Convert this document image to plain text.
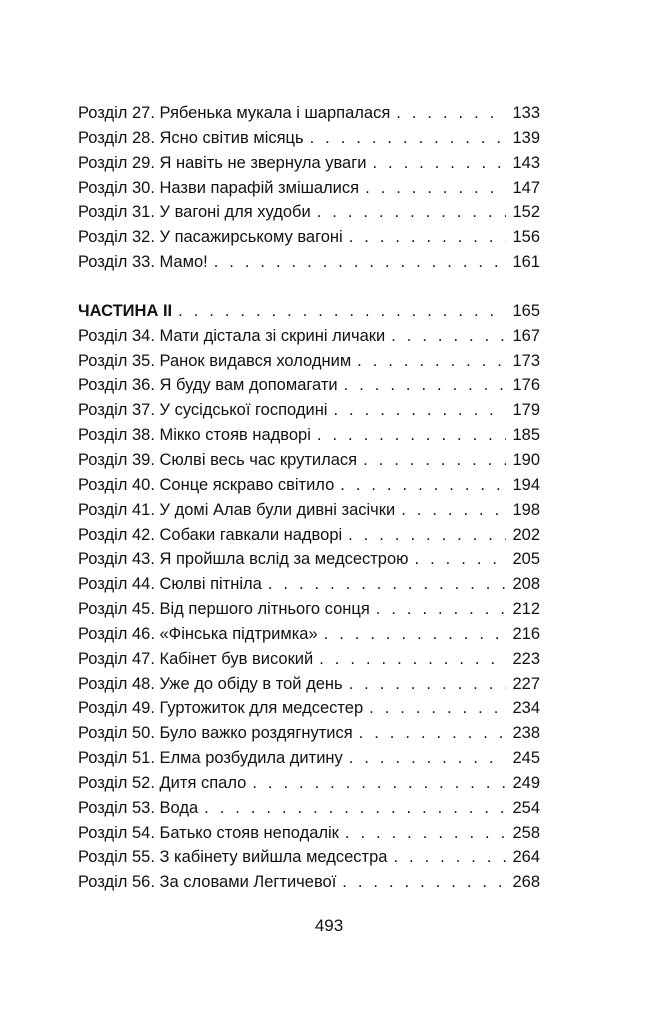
Розділ 27. Рябенька мукала і шарпалася . . .	133
Розділ 28. Ясно світив місяць . . .	139
Розділ 29. Я навіть не звернула уваги . . .	143
Розділ 30. Назви парафій змішалися . . .	147
Розділ 31. У вагоні для худоби . . .	152
Розділ 32. У пасажирському вагоні . . .	156
Розділ 33. Мамо! . . .	161
ЧАСТИНА II . . .	165
Розділ 34. Мати дістала зі скрині личаки . . .	167
Розділ 35. Ранок видався холодним . . .	173
Розділ 36. Я буду вам допомагати . . .	176
Розділ 37. У сусідської господині . . .	179
Розділ 38. Мікко стояв надворі . . .	185
Розділ 39. Сюлві весь час крутилася . . .	190
Розділ 40. Сонце яскраво світило . . .	194
Розділ 41. У домі Алав були дивні засічки . . .	198
Розділ 42. Собаки гавкали надворі . . .	202
Розділ 43. Я пройшла вслід за медсестрою . . .	205
Розділ 44. Сюлві пітніла . . .	208
Розділ 45. Від першого літнього сонця . . .	212
Розділ 46. «Фінська підтримка» . . .	216
Розділ 47. Кабінет був високий . . .	223
Розділ 48. Уже до обіду в той день . . .	227
Розділ 49. Гуртожиток для медсестер . . .	234
Розділ 50. Було важко роздягнутися . . .	238
Розділ 51. Елма розбудила дитину . . .	245
Розділ 52. Дитя спало . . .	249
Розділ 53. Вода . . .	254
Розділ 54. Батько стояв неподалік . . .	258
Розділ 55. З кабінету вийшла медсестра . . .	264
Розділ 56. За словами Легтичевої . . .	268
493
